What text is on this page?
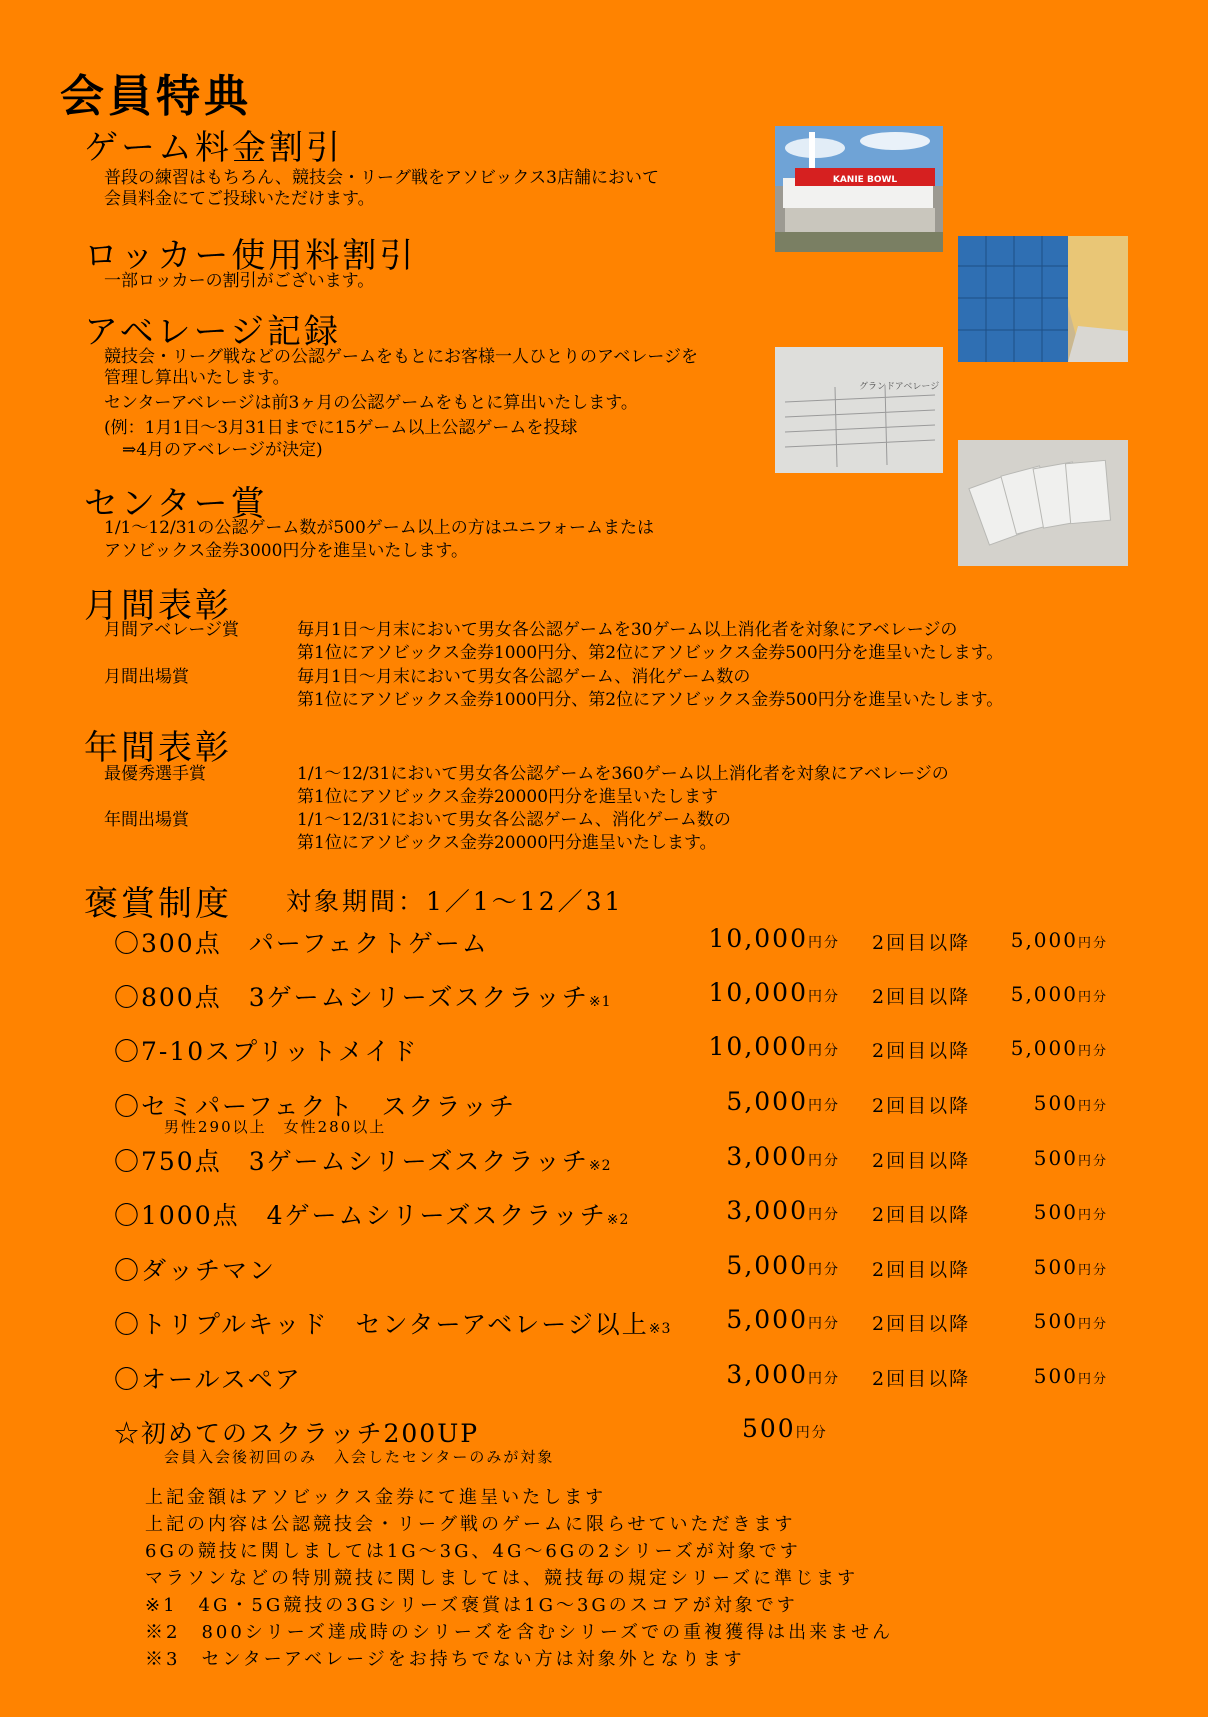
会員特典
ゲーム料金割引
普段の練習はもちろん、競技会・リーグ戦をアソビックス3店舗において
会員料金にてご投球いただけます。
ロッカー使用料割引
一部ロッカーの割引がございます。
アベレージ記録
競技会・リーグ戦などの公認ゲームをもとにお客様一人ひとりのアベレージを
管理し算出いたします。
センターアベレージは前3ヶ月の公認ゲームをもとに算出いたします。
(例：1月1日～3月31日までに15ゲーム以上公認ゲームを投球
⇒4月のアベレージが決定)
センター賞
1/1～12/31の公認ゲーム数が500ゲーム以上の方はユニフォームまたは
アソビックス金券3000円分を進呈いたします。
月間表彰
月間アベレージ賞	毎月1日～月末において男女各公認ゲームを30ゲーム以上消化者を対象にアベレージの
第1位にアソビックス金券1000円分、第2位にアソビックス金券500円分を進呈いたします。
月間出場賞	毎月1日～月末において男女各公認ゲーム、消化ゲーム数の
第1位にアソビックス金券1000円分、第2位にアソビックス金券500円分を進呈いたします。
年間表彰
最優秀選手賞	1/1～12/31において男女各公認ゲームを360ゲーム以上消化者を対象にアベレージの
第1位にアソビックス金券20000円分を進呈いたします
年間出場賞	1/1～12/31において男女各公認ゲーム、消化ゲーム数の
第1位にアソビックス金券20000円分進呈いたします。
褒賞制度 対象期間：1／1～12／31
〇300点　パーフェクトゲーム	10,000円分 2回目以降	5,000円分
〇800点　3ゲームシリーズスクラッチ※1	10,000円分 2回目以降	5,000円分
〇7-10スプリットメイド	10,000円分 2回目以降	5,000円分
〇セミパーフェクト　スクラッチ	5,000円分 2回目以降	500円分
〇750点　3ゲームシリーズスクラッチ※2	3,000円分 2回目以降	500円分
〇1000点　4ゲームシリーズスクラッチ※2	3,000円分 2回目以降	500円分
〇ダッチマン	5,000円分 2回目以降	500円分
〇トリプルキッド　センターアベレージ以上※3	5,000円分 2回目以降	500円分
〇オールスペア	3,000円分 2回目以降	500円分
男性290以上　女性280以上
☆初めてのスクラッチ200UP	500円分
会員入会後初回のみ　入会したセンターのみが対象
上記金額はアソビックス金券にて進呈いたします
上記の内容は公認競技会・リーグ戦のゲームに限らせていただきます
6Gの競技に関しましては1G～3G、4G～6Gの2シリーズが対象です
マラソンなどの特別競技に関しましては、競技毎の規定シリーズに準じます
※1　4G・5G競技の3Gシリーズ褒賞は1G～3Gのスコアが対象です
※2　800シリーズ達成時のシリーズを含むシリーズでの重複獲得は出来ません
※3　センターアベレージをお持ちでない方は対象外となります
KANIE BOWL
グランドアベレージ
